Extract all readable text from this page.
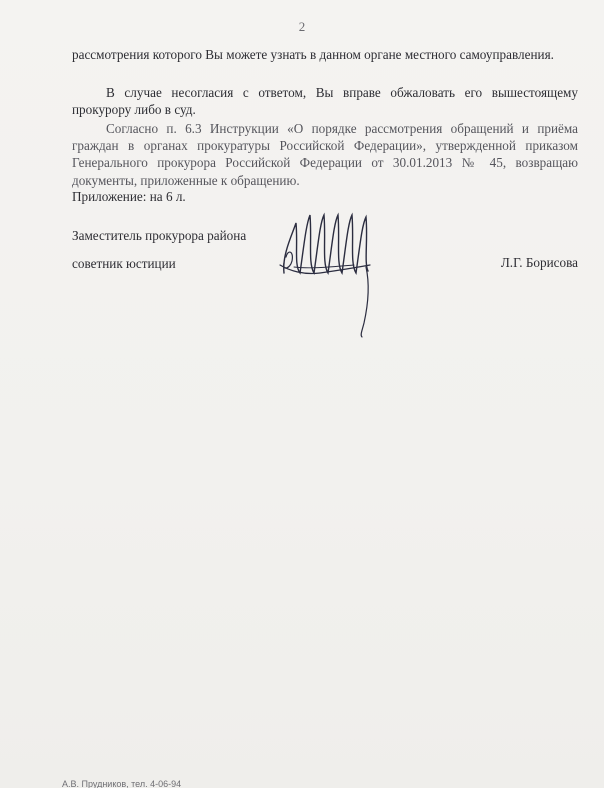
2
рассмотрения которого Вы можете узнать в данном органе местного самоуправления.
В случае несогласия с ответом, Вы вправе обжаловать его вышестоящему прокурору либо в суд.
Согласно п. 6.3 Инструкции «О порядке рассмотрения обращений и приёма граждан в органах прокуратуры Российской Федерации», утвержденной приказом Генерального прокурора Российской Федерации от 30.01.2013 № 45, возвращаю документы, приложенные к обращению.
Приложение: на 6 л.
Заместитель прокурора района
советник юстиции	Л.Г. Борисова
А.В. Прудников, тел. 4-06-94
